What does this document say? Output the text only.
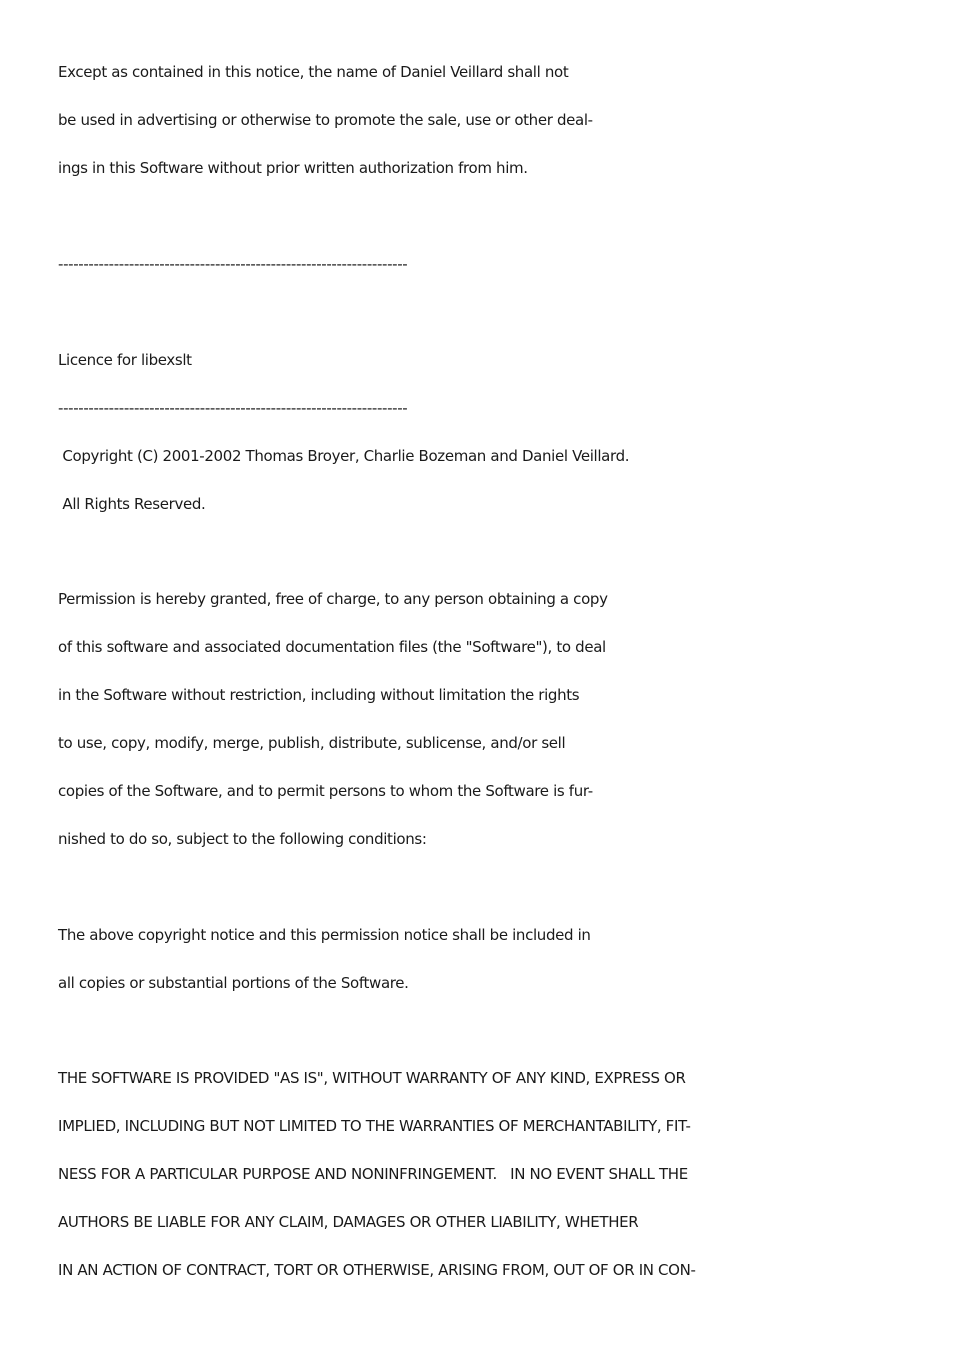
Except as contained in this notice, the name of Daniel Veillard shall not
be used in advertising or otherwise to promote the sale, use or other deal-
ings in this Software without prior written authorization from him.
---------------------------------------------------------------------
Licence for libexslt
---------------------------------------------------------------------
Copyright (C) 2001-2002 Thomas Broyer, Charlie Bozeman and Daniel Veillard.
All Rights Reserved.
Permission is hereby granted, free of charge, to any person obtaining a copy
of this software and associated documentation files (the "Software"), to deal
in the Software without restriction, including without limitation the rights
to use, copy, modify, merge, publish, distribute, sublicense, and/or sell
copies of the Software, and to permit persons to whom the Software is fur-
nished to do so, subject to the following conditions:
The above copyright notice and this permission notice shall be included in
all copies or substantial portions of the Software.
THE SOFTWARE IS PROVIDED "AS IS", WITHOUT WARRANTY OF ANY KIND, EXPRESS OR
IMPLIED, INCLUDING BUT NOT LIMITED TO THE WARRANTIES OF MERCHANTABILITY, FIT-
NESS FOR A PARTICULAR PURPOSE AND NONINFRINGEMENT.   IN NO EVENT SHALL THE
AUTHORS BE LIABLE FOR ANY CLAIM, DAMAGES OR OTHER LIABILITY, WHETHER
IN AN ACTION OF CONTRACT, TORT OR OTHERWISE, ARISING FROM, OUT OF OR IN CON-
